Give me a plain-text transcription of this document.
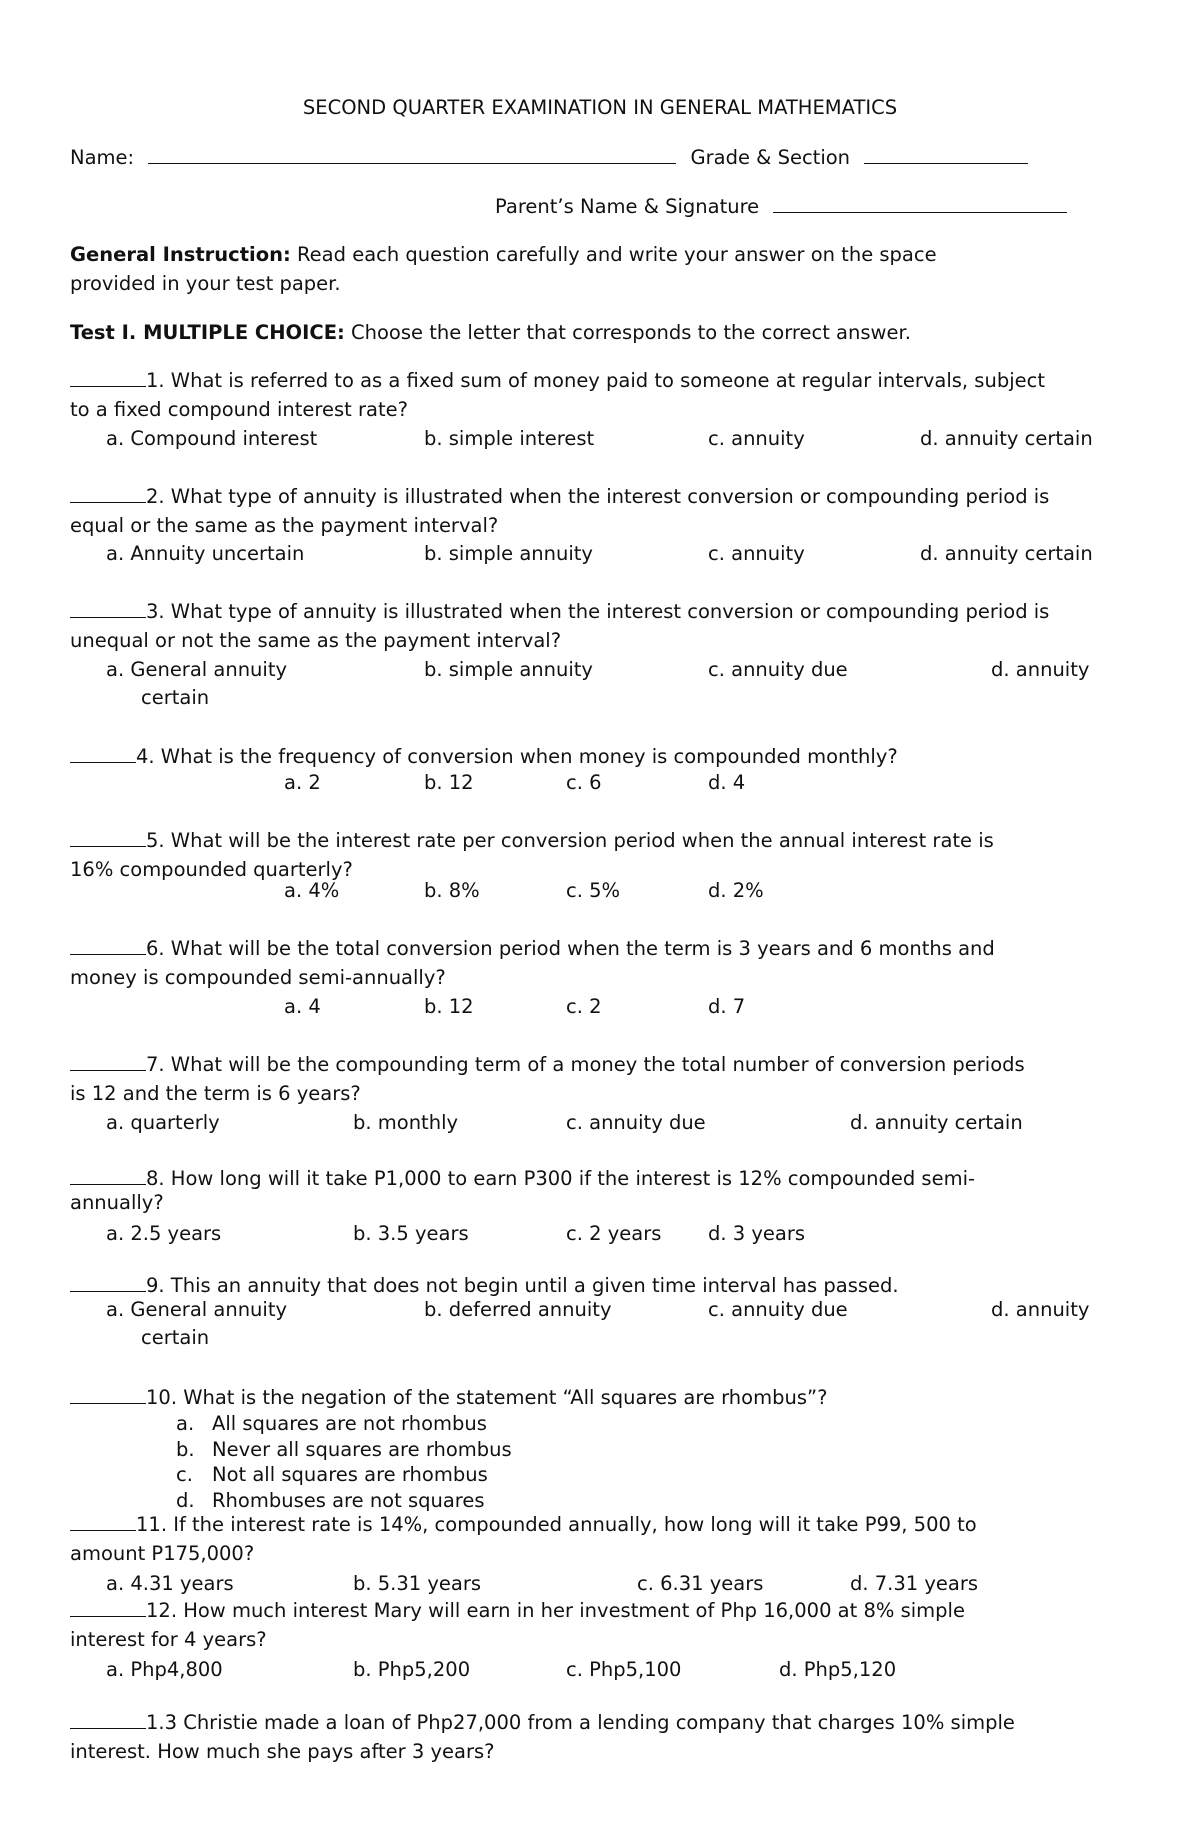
SECOND QUARTER EXAMINATION IN GENERAL MATHEMATICS
Name:	Grade & Section
Parent’s Name & Signature
General Instruction: Read each question carefully and write your answer on the space
provided in your test paper.
Test I. MULTIPLE CHOICE: Choose the letter that corresponds to the correct answer.
1. What is referred to as a fixed sum of money paid to someone at regular intervals, subject
to a fixed compound interest rate?
a. Compound interest	b. simple interest	c. annuity	d. annuity certain
2. What type of annuity is illustrated when the interest conversion or compounding period is
equal or the same as the payment interval?
a. Annuity uncertain	b. simple annuity	c. annuity	d. annuity certain
3. What type of annuity is illustrated when the interest conversion or compounding period is
unequal or not the same as the payment interval?
a. General annuity	b. simple annuity	c. annuity due	d. annuity
certain
4. What is the frequency of conversion when money is compounded monthly?
a. 2	b. 12	c. 6	d. 4
5. What will be the interest rate per conversion period when the annual interest rate is
16% compounded quarterly?
a. 4%	b. 8%	c. 5%	d. 2%
6. What will be the total conversion period when the term is 3 years and 6 months and
money is compounded semi-annually?
a. 4	b. 12	c. 2	d. 7
7. What will be the compounding term of a money the total number of conversion periods
is 12 and the term is 6 years?
a. quarterly	b. monthly	c. annuity due	d. annuity certain
8. How long will it take P1,000 to earn P300 if the interest is 12% compounded semi-
annually?
a. 2.5 years	b. 3.5 years	c. 2 years d. 3 years
9. This an annuity that does not begin until a given time interval has passed.
a. General annuity	b. deferred annuity	c. annuity due	d. annuity
certain
10. What is the negation of the statement “All squares are rhombus”?
a. All squares are not rhombus
b. Never all squares are rhombus
c. Not all squares are rhombus
d. Rhombuses are not squares
11. If the interest rate is 14%, compounded annually, how long will it take P99, 500 to
amount P175,000?
a. 4.31 years	b. 5.31 years	c. 6.31 years	d. 7.31 years
12. How much interest Mary will earn in her investment of Php 16,000 at 8% simple
interest for 4 years?
a. Php4,800	b. Php5,200	c. Php5,100	d. Php5,120
1.3 Christie made a loan of Php27,000 from a lending company that charges 10% simple
interest. How much she pays after 3 years?
